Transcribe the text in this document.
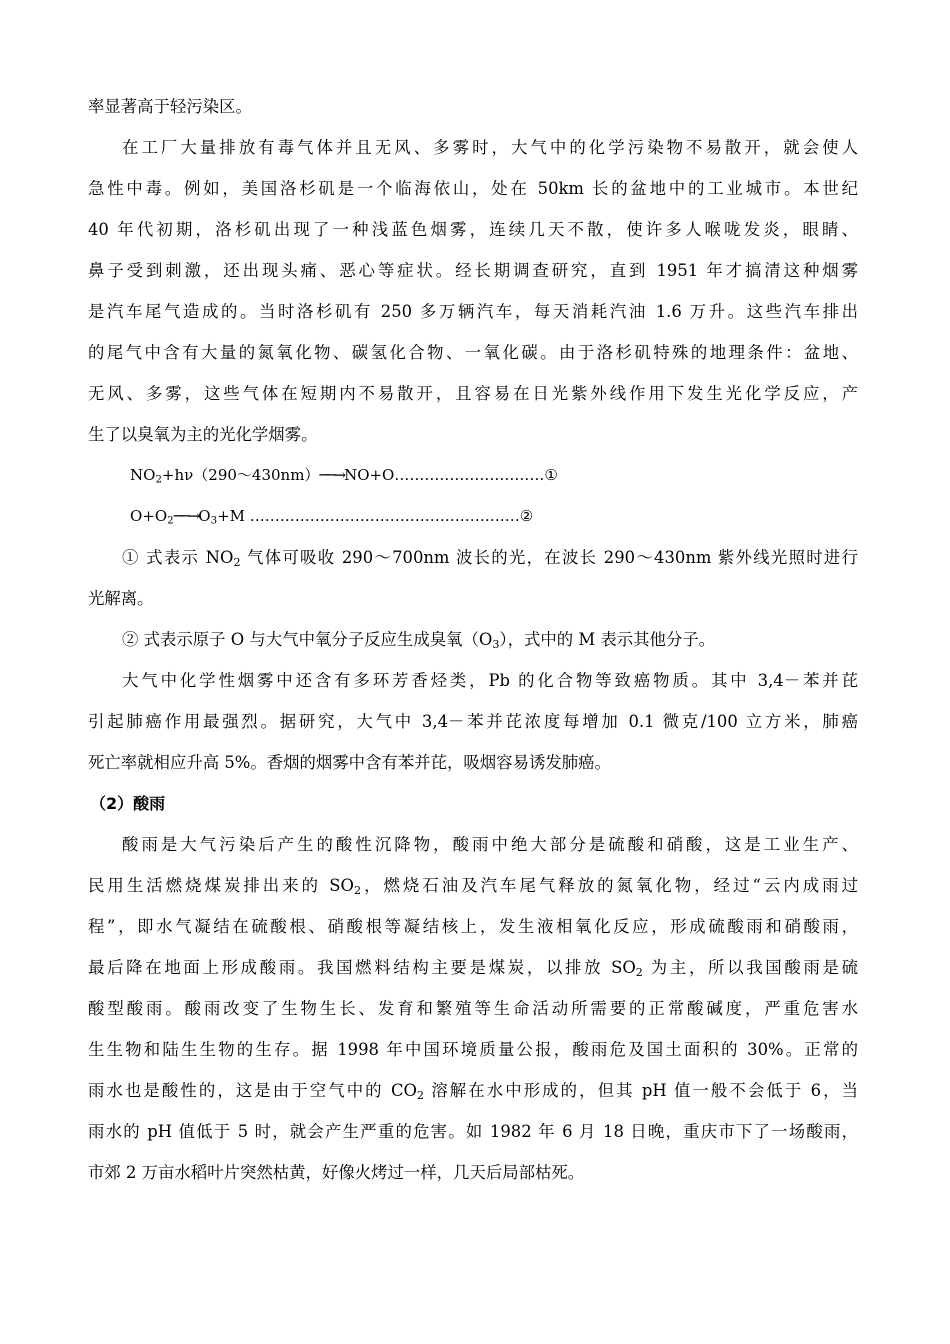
率显著高于轻污染区。
在工厂大量排放有毒气体并且无风、多雾时，大气中的化学污染物不易散开，就会使人
急性中毒。例如，美国洛杉矶是一个临海依山，处在 50km 长的盆地中的工业城市。本世纪
40 年代初期，洛杉矶出现了一种浅蓝色烟雾，连续几天不散，使许多人喉咙发炎，眼睛、
鼻子受到刺激，还出现头痛、恶心等症状。经长期调查研究，直到 1951 年才搞清这种烟雾
是汽车尾气造成的。当时洛杉矶有 250 多万辆汽车，每天消耗汽油 1.6 万升。这些汽车排出
的尾气中含有大量的氮氧化物、碳氢化合物、一氧化碳。由于洛杉矶特殊的地理条件：盆地、
无风、多雾，这些气体在短期内不易散开，且容易在日光紫外线作用下发生光化学反应，产
生了以臭氧为主的光化学烟雾。
$NO_2+h\nu(290\sim 430nm)──\to NO+O\dots\dots\dots\dots\dots\dots\dots\dots\dots\dots ①$
$O+O_2──\to O_3+M$ ………………………………………………②
① 式表示 $NO_2$ 气体可吸收 290～700nm 波长的光，在波长 290～430nm 紫外线光照时进行
光解离。
② 式表示原子 O 与大气中氧分子反应生成臭氧$(O_3)$，式中的 M 表示其他分子。
大气中化学性烟雾中还含有多环芳香烃类，Pb 的化合物等致癌物质。其中 3,4－苯并芘
引起肺癌作用最强烈。据研究，大气中 3,4－苯并芘浓度每增加 0.1 微克/100 立方米，肺癌
死亡率就相应升高 5%。香烟的烟雾中含有苯并芘，吸烟容易诱发肺癌。
（2）酸雨
酸雨是大气污染后产生的酸性沉降物，酸雨中绝大部分是硫酸和硝酸，这是工业生产、
民用生活燃烧煤炭排出来的 $SO_2$，燃烧石油及汽车尾气释放的氮氧化物，经过“云内成雨过
程”，即水气凝结在硫酸根、硝酸根等凝结核上，发生液相氧化反应，形成硫酸雨和硝酸雨，
最后降在地面上形成酸雨。我国燃料结构主要是煤炭，以排放 $SO_2$ 为主，所以我国酸雨是硫
酸型酸雨。酸雨改变了生物生长、发育和繁殖等生命活动所需要的正常酸碱度，严重危害水
生生物和陆生生物的生存。据 1998 年中国环境质量公报，酸雨危及国土面积的 30%。正常的
雨水也是酸性的，这是由于空气中的 $CO_2$ 溶解在水中形成的，但其 pH 值一般不会低于 6，当
雨水的 pH 值低于 5 时，就会产生严重的危害。如 1982 年 6 月 18 日晚，重庆市下了一场酸雨，
市郊 2 万亩水稻叶片突然枯黄，好像火烤过一样，几天后局部枯死。
